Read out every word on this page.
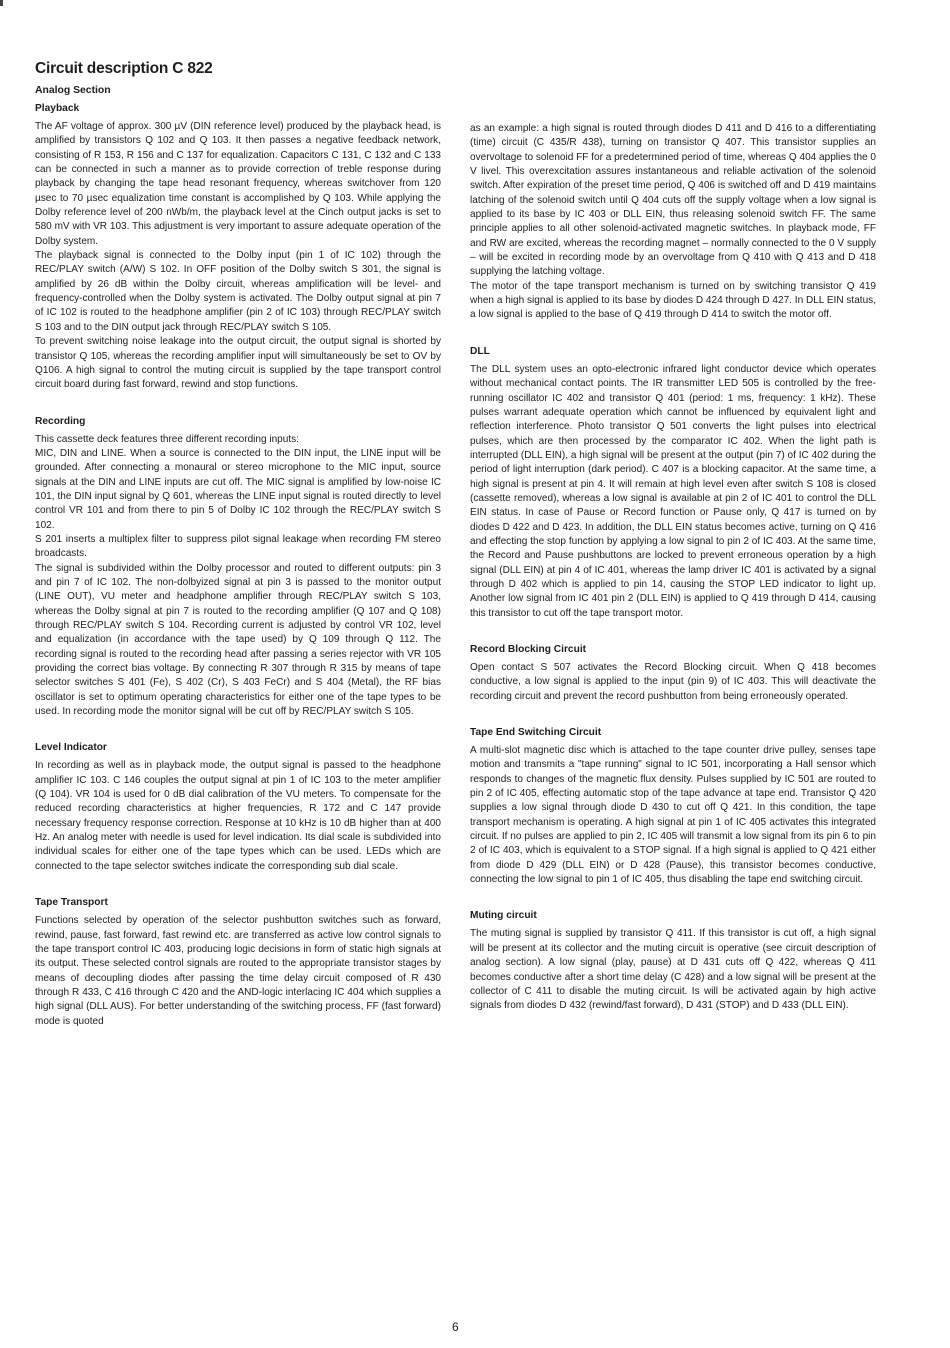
Circuit description C 822
Analog Section
Playback

The AF voltage of approx. 300 µV (DIN reference level) produced by the playback head, is amplified by transistors Q 102 and Q 103. It then passes a negative feedback network, consisting of R 153, R 156 and C 137 for equalization. Capacitors C 131, C 132 and C 133 can be connected in such a manner as to provide correction of treble response during playback by changing the tape head resonant frequency, whereas switchover from 120 µsec to 70 µsec equalization time constant is accomplished by Q 103. While applying the Dolby reference level of 200 nWb/m, the playback level at the Cinch output jacks is set to 580 mV with VR 103. This adjustment is very important to assure adequate operation of the Dolby system.

The playback signal is connected to the Dolby input (pin 1 of IC 102) through the REC/PLAY switch (A/W) S 102. In OFF position of the Dolby switch S 301, the signal is amplified by 26 dB within the Dolby circuit, whereas amplification will be level- and frequency-controlled when the Dolby system is activated. The Dolby output signal at pin 7 of IC 102 is routed to the headphone amplifier (pin 2 of IC 103) through REC/PLAY switch S 103 and to the DIN output jack through REC/PLAY switch S 105.

To prevent switching noise leakage into the output circuit, the output signal is shorted by transistor Q 105, whereas the recording amplifier input will simultaneously be set to OV by Q106. A high signal to control the muting circuit is supplied by the tape transport control circuit board during fast forward, rewind and stop functions.

Recording

This cassette deck features three different recording inputs:

MIC, DIN and LINE. When a source is connected to the DIN input, the LINE input will be grounded. After connecting a monaural or stereo microphone to the MIC input, source signals at the DIN and LINE inputs are cut off. The MIC signal is amplified by low-noise IC 101, the DIN input signal by Q 601, whereas the LINE input signal is routed directly to level control VR 101 and from there to pin 5 of Dolby IC 102 through the REC/PLAY switch S 102.

S 201 inserts a multiplex filter to suppress pilot signal leakage when recording FM stereo broadcasts.

The signal is subdivided within the Dolby processor and routed to different outputs: pin 3 and pin 7 of IC 102. The non-dolbyized signal at pin 3 is passed to the monitor output (LINE OUT), VU meter and headphone amplifier through REC/PLAY switch S 103, whereas the Dolby signal at pin 7 is routed to the recording amplifier (Q 107 and Q 108) through REC/PLAY switch S 104. Recording current is adjusted by control VR 102, level and equalization (in accordance with the tape used) by Q 109 through Q 112. The recording signal is routed to the recording head after passing a series rejector with VR 105 providing the correct bias voltage. By connecting R 307 through R 315 by means of tape selector switches S 401 (Fe), S 402 (Cr), S 403 FeCr) and S 404 (Metal), the RF bias oscillator is set to optimum operating characteristics for either one of the tape types to be used. In recording mode the monitor signal will be cut off by REC/PLAY switch S 105.

Level Indicator

In recording as well as in playback mode, the output signal is passed to the headphone amplifier IC 103. C 146 couples the output signal at pin 1 of IC 103 to the meter amplifier (Q 104). VR 104 is used for 0 dB dial calibration of the VU meters. To compensate for the reduced recording characteristics at higher frequencies, R 172 and C 147 provide necessary frequency response correction. Response at 10 kHz is 10 dB higher than at 400 Hz. An analog meter with needle is used for level indication. Its dial scale is subdivided into individual scales for either one of the tape types which can be used. LEDs which are connected to the tape selector switches indicate the corresponding sub dial scale.

Tape Transport

Functions selected by operation of the selector pushbutton switches such as forward, rewind, pause, fast forward, fast rewind etc. are transferred as active low control signals to the tape transport control IC 403, producing logic decisions in form of static high signals at its output. These selected control signals are routed to the appropriate transistor stages by means of decoupling diodes after passing the time delay circuit composed of R 430 through R 433, C 416 through C 420 and the AND-logic interlacing IC 404 which supplies a high signal (DLL AUS). For better understanding of the switching process, FF (fast forward) mode is quoted

as an example: a high signal is routed through diodes D 411 and D 416 to a differentiating (time) circuit (C 435/R 438), turning on transistor Q 407. This transistor supplies an overvoltage to solenoid FF for a predetermined period of time, whereas Q 404 applies the 0 V livel. This overexcitation assures instantaneous and reliable activation of the solenoid switch. After expiration of the preset time period, Q 406 is switched off and D 419 maintains latching of the solenoid switch until Q 404 cuts off the supply voltage when a low signal is applied to its base by IC 403 or DLL EIN, thus releasing solenoid switch FF. The same principle applies to all other solenoid-activated magnetic switches. In playback mode, FF and RW are excited, whereas the recording magnet – normally connected to the 0 V supply – will be excited in recording mode by an overvoltage from Q 410 with Q 413 and D 418 supplying the latching voltage.

The motor of the tape transport mechanism is turned on by switching transistor Q 419 when a high signal is applied to its base by diodes D 424 through D 427. In DLL EIN status, a low signal is applied to the base of Q 419 through D 414 to switch the motor off.

DLL

The DLL system uses an opto-electronic infrared light conductor device which operates without mechanical contact points. The IR transmitter LED 505 is controlled by the free-running oscillator IC 402 and transistor Q 401 (period: 1 ms, frequency: 1 kHz). These pulses warrant adequate operation which cannot be influenced by equivalent light and reflection interference. Photo transistor Q 501 converts the light pulses into electrical pulses, which are then processed by the comparator IC 402. When the light path is interrupted (DLL EIN), a high signal will be present at the output (pin 7) of IC 402 during the period of light interruption (dark period). C 407 is a blocking capacitor. At the same time, a high signal is present at pin 4. It will remain at high level even after switch S 108 is closed (cassette removed), whereas a low signal is available at pin 2 of IC 401 to control the DLL EIN status. In case of Pause or Record function or Pause only, Q 417 is turned on by diodes D 422 and D 423. In addition, the DLL EIN status becomes active, turning on Q 416 and effecting the stop function by applying a low signal to pin 2 of IC 403. At the same time, the Record and Pause pushbuttons are locked to prevent erroneous operation by a high signal (DLL EIN) at pin 4 of IC 401, whereas the lamp driver IC 401 is activated by a signal through D 402 which is applied to pin 14, causing the STOP LED indicator to light up. Another low signal from IC 401 pin 2 (DLL EIN) is applied to Q 419 through D 414, causing this transistor to cut off the tape transport motor.

Record Blocking Circuit

Open contact S 507 activates the Record Blocking circuit. When Q 418 becomes conductive, a low signal is applied to the input (pin 9) of IC 403. This will deactivate the recording circuit and prevent the record pushbutton from being erroneously operated.

Tape End Switching Circuit

A multi-slot magnetic disc which is attached to the tape counter drive pulley, senses tape motion and transmits a "tape running" signal to IC 501, incorporating a Hall sensor which responds to changes of the magnetic flux density. Pulses supplied by IC 501 are routed to pin 2 of IC 405, effecting automatic stop of the tape advance at tape end. Transistor Q 420 supplies a low signal through diode D 430 to cut off Q 421. In this condition, the tape transport mechanism is operating. A high signal at pin 1 of IC 405 activates this integrated circuit. If no pulses are applied to pin 2, IC 405 will transmit a low signal from its pin 6 to pin 2 of IC 403, which is equivalent to a STOP signal. If a high signal is applied to Q 421 either from diode D 429 (DLL EIN) or D 428 (Pause), this transistor becomes conductive, connecting the low signal to pin 1 of IC 405, thus disabling the tape end switching circuit.

Muting circuit

The muting signal is supplied by transistor Q 411. If this transistor is cut off, a high signal will be present at its collector and the muting circuit is operative (see circuit description of analog section). A low signal (play, pause) at D 431 cuts off Q 422, whereas Q 411 becomes conductive after a short time delay (C 428) and a low signal will be present at the collector of C 411 to disable the muting circuit. Is will be activated again by high active signals from diodes D 432 (rewind/fast forward), D 431 (STOP) and D 433 (DLL EIN).

6
